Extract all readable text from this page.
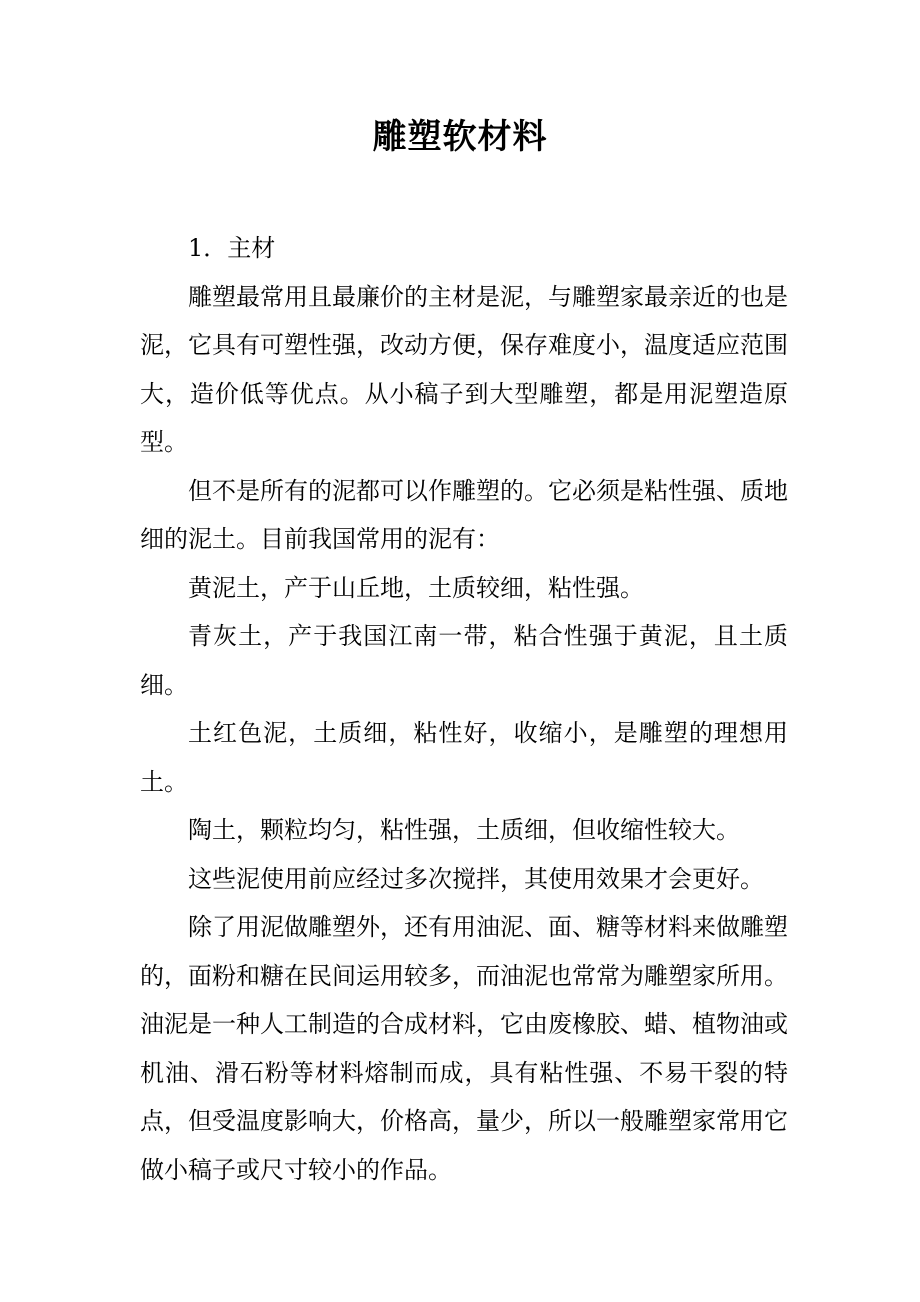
雕塑软材料

1．主材

雕塑最常用且最廉价的主材是泥，与雕塑家最亲近的也是泥，它具有可塑性强，改动方便，保存难度小，温度适应范围大，造价低等优点。从小稿子到大型雕塑，都是用泥塑造原型。

但不是所有的泥都可以作雕塑的。它必须是粘性强、质地细的泥土。目前我国常用的泥有：

黄泥土，产于山丘地，土质较细，粘性强。

青灰土，产于我国江南一带，粘合性强于黄泥，且土质细。

土红色泥，土质细，粘性好，收缩小，是雕塑的理想用土。

陶土，颗粒均匀，粘性强，土质细，但收缩性较大。

这些泥使用前应经过多次搅拌，其使用效果才会更好。

除了用泥做雕塑外，还有用油泥、面、糖等材料来做雕塑的，面粉和糖在民间运用较多，而油泥也常常为雕塑家所用。油泥是一种人工制造的合成材料，它由废橡胶、蜡、植物油或机油、滑石粉等材料熔制而成，具有粘性强、不易干裂的特点，但受温度影响大，价格高，量少，所以一般雕塑家常用它做小稿子或尺寸较小的作品。
